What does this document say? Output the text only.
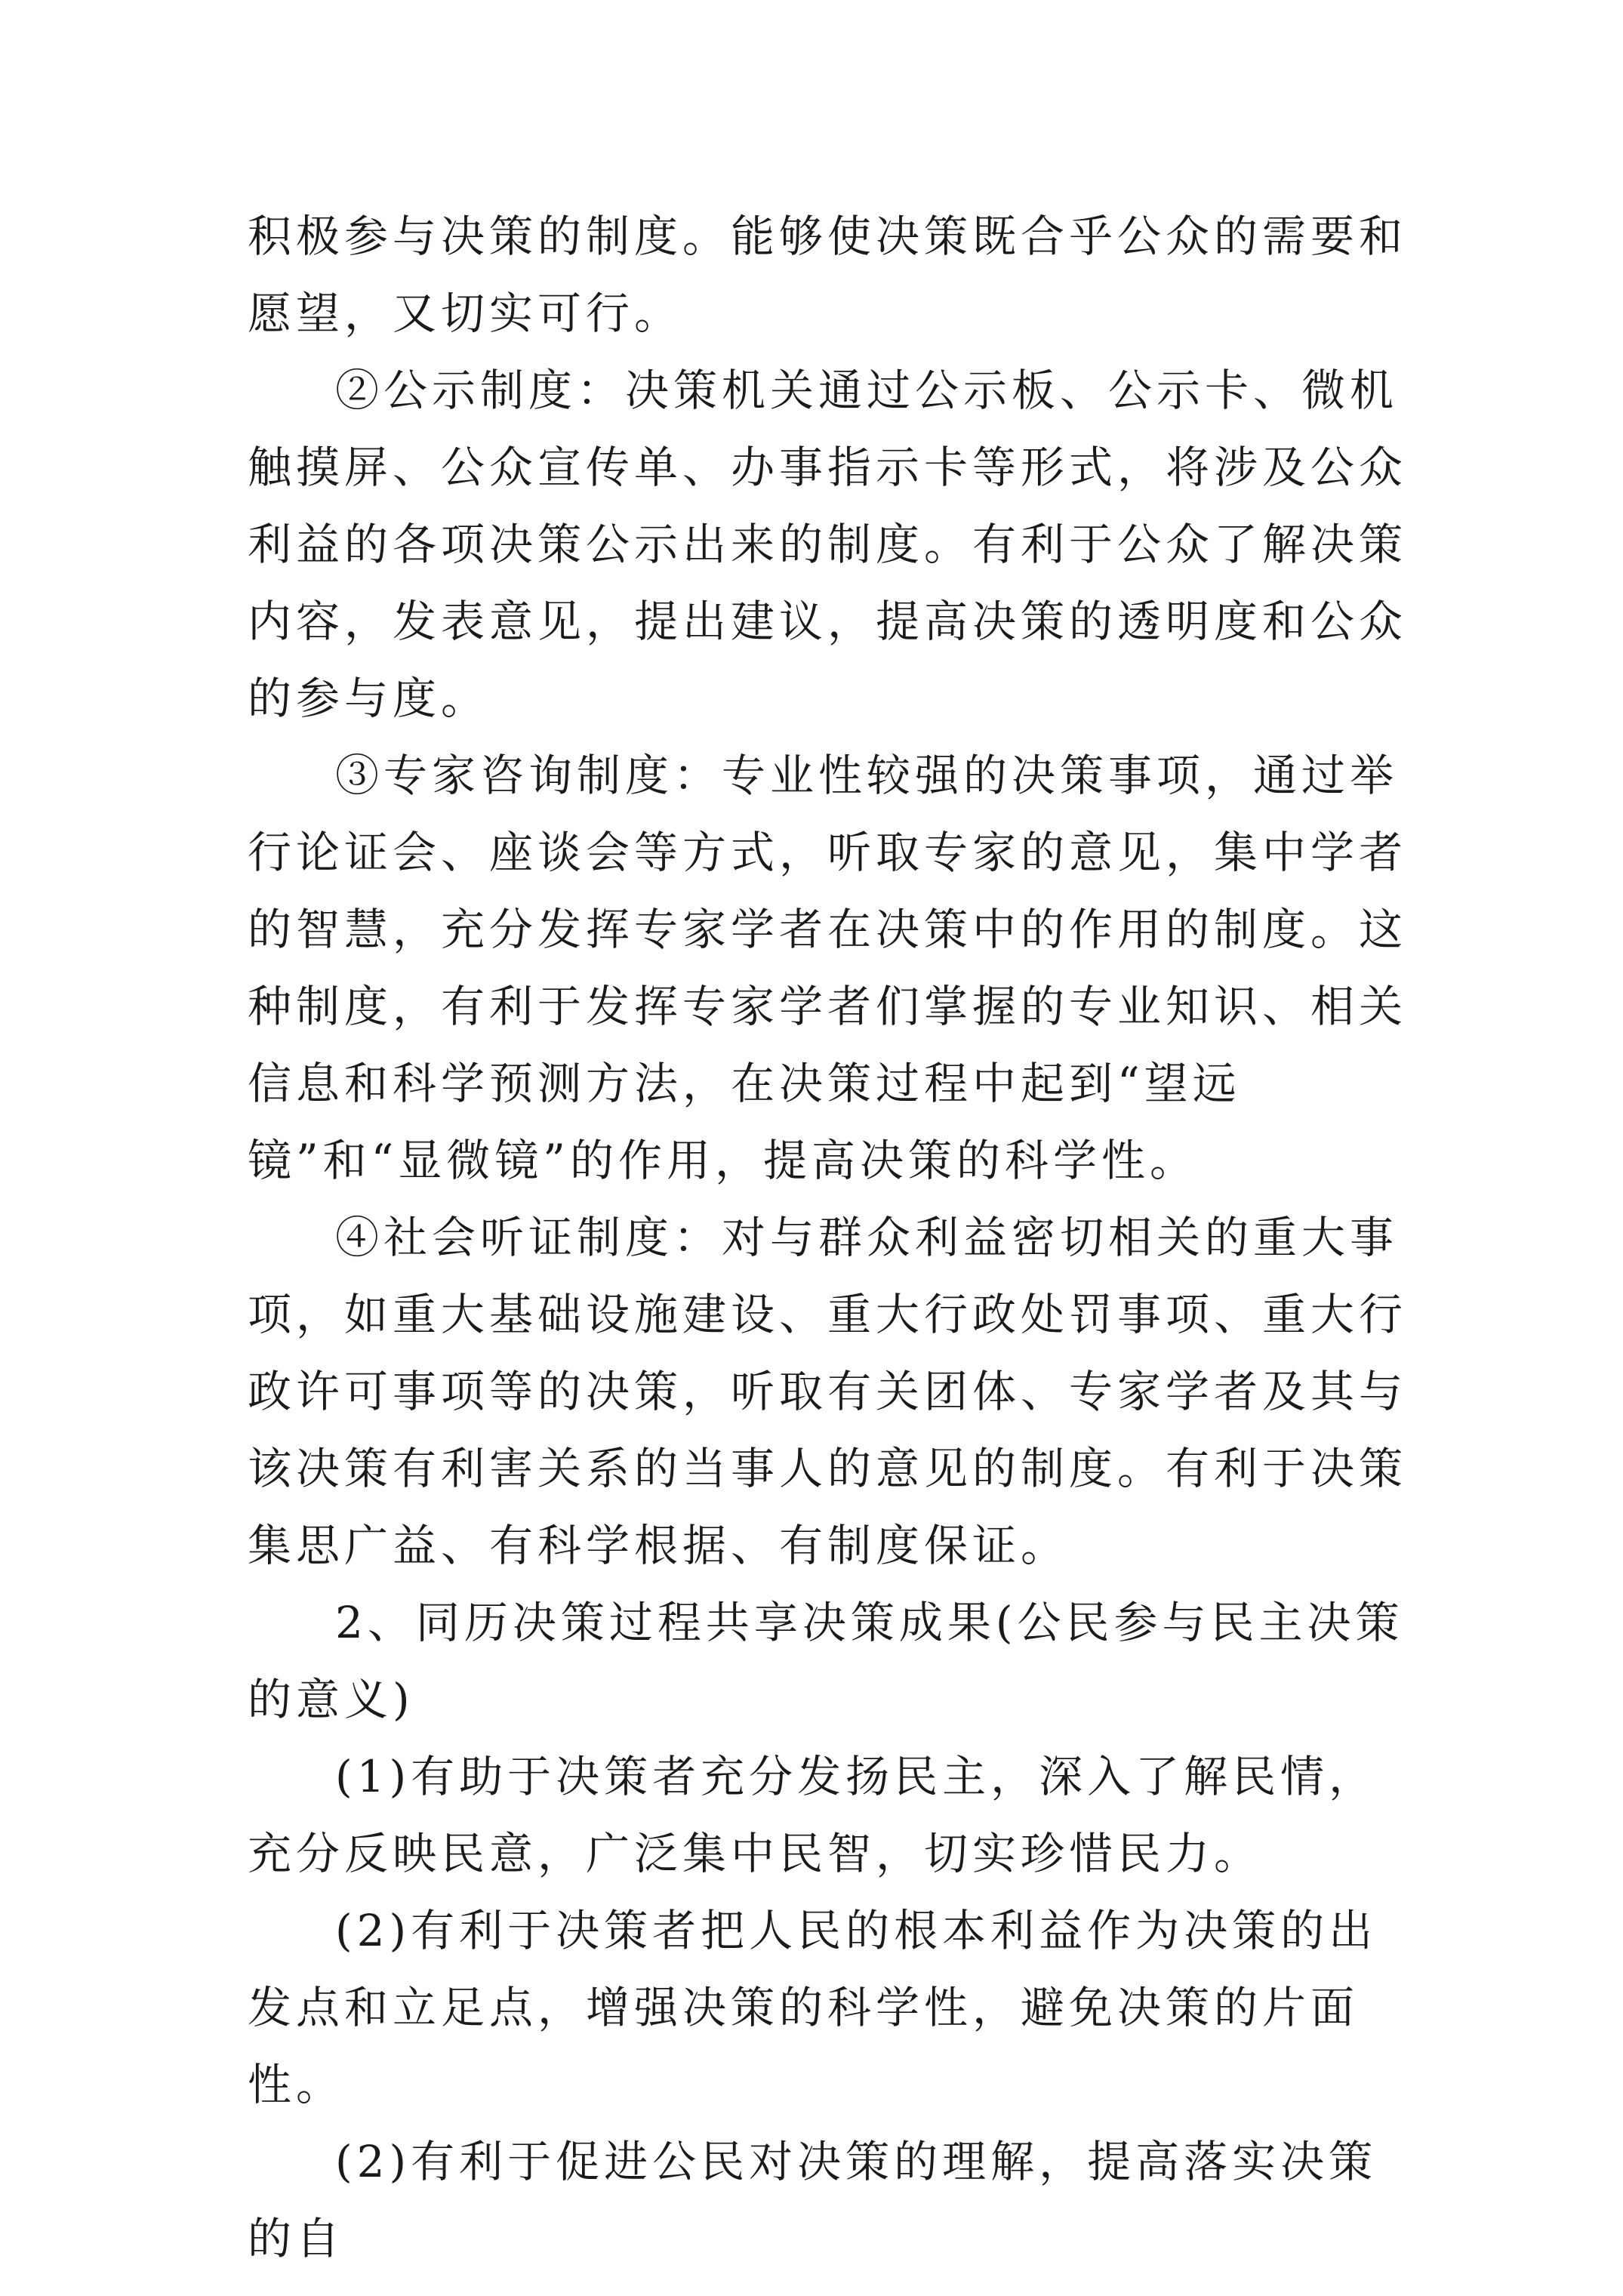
积极参与决策的制度。能够使决策既合乎公众的需要和愿望，又切实可行。

②公示制度：决策机关通过公示板、公示卡、微机触摸屏、公众宣传单、办事指示卡等形式，将涉及公众利益的各项决策公示出来的制度。有利于公众了解决策内容，发表意见，提出建议，提高决策的透明度和公众的参与度。

③专家咨询制度：专业性较强的决策事项，通过举行论证会、座谈会等方式，听取专家的意见，集中学者的智慧，充分发挥专家学者在决策中的作用的制度。这种制度，有利于发挥专家学者们掌握的专业知识、相关信息和科学预测方法，在决策过程中起到“望远镜”和“显微镜”的作用，提高决策的科学性。

④社会听证制度：对与群众利益密切相关的重大事项，如重大基础设施建设、重大行政处罚事项、重大行政许可事项等的决策，听取有关团体、专家学者及其与该决策有利害关系的当事人的意见的制度。有利于决策集思广益、有科学根据、有制度保证。

2、同历决策过程共享决策成果(公民参与民主决策的意义)

(1)有助于决策者充分发扬民主，深入了解民情，充分反映民意，广泛集中民智，切实珍惜民力。

(2)有利于决策者把人民的根本利益作为决策的出发点和立足点，增强决策的科学性，避免决策的片面性。

(2)有利于促进公民对决策的理解，提高落实决策的自
